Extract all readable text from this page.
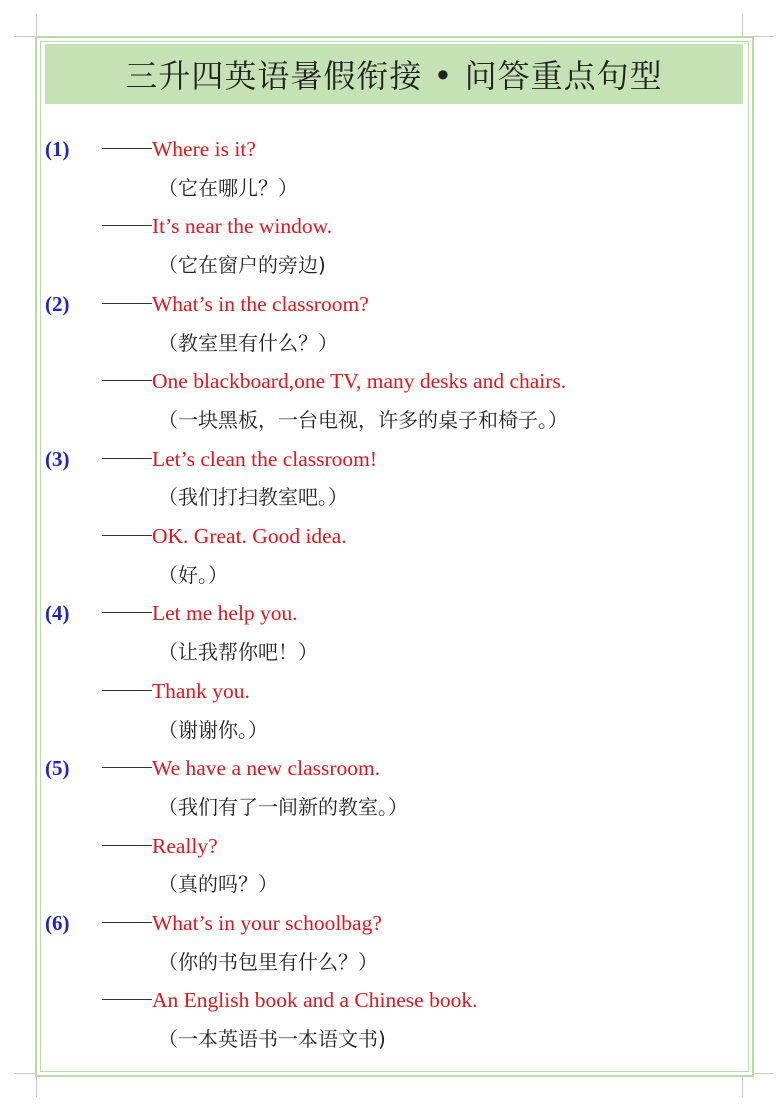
三升四英语暑假衔接 • 问答重点句型
(1)	Where is it?
（它在哪儿？）
It’s near the window.
（它在窗户的旁边)
(2)	What’s in the classroom?
（教室里有什么？）
One blackboard,one TV, many desks and chairs.
（一块黑板，一台电视，许多的桌子和椅子。）
(3)	Let’s clean the classroom!
（我们打扫教室吧。）
OK. Great. Good idea.
（好。）
(4)	Let me help you.
（让我帮你吧！）
Thank you.
（谢谢你。）
(5)	We have a new classroom.
（我们有了一间新的教室。）
Really?
（真的吗？）
(6)	What’s in your schoolbag?
（你的书包里有什么？）
An English book and a Chinese book.
（一本英语书一本语文书)
